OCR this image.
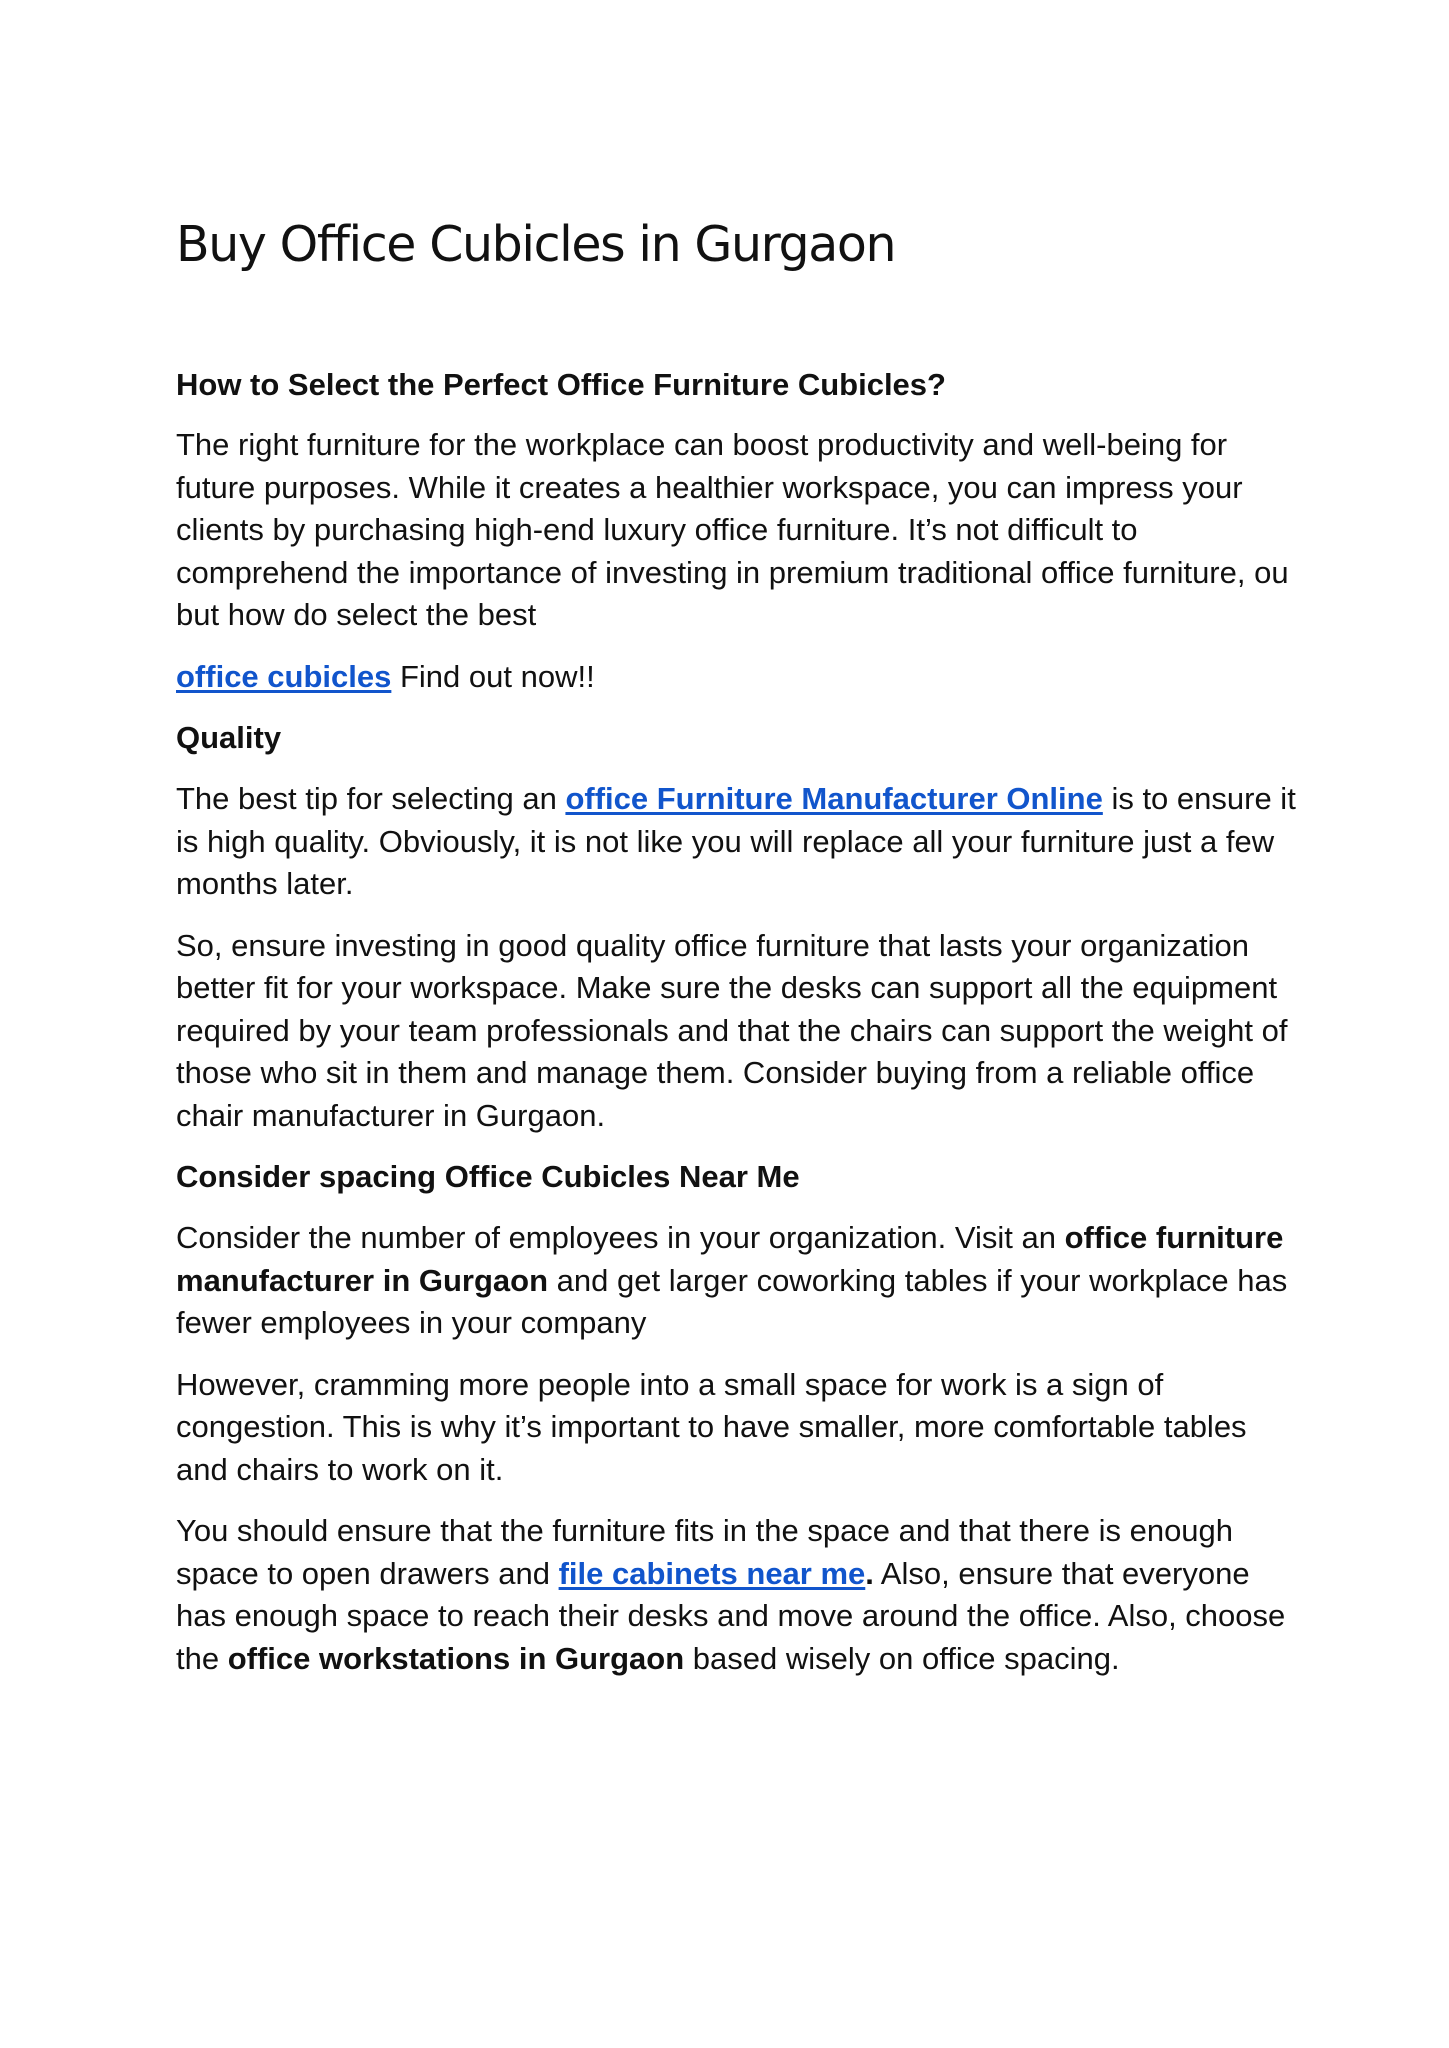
Buy Office Cubicles in Gurgaon
How to Select the Perfect Office Furniture Cubicles?

The right furniture for the workplace can boost productivity and well-being for future purposes. While it creates a healthier workspace, you can impress your clients by purchasing high-end luxury office furniture. It’s not difficult to comprehend the importance of investing in premium traditional office furniture, ou but how do select the best

office cubicles Find out now!!

Quality

The best tip for selecting an office Furniture Manufacturer Online is to ensure it is high quality. Obviously, it is not like you will replace all your furniture just a few months later.

So, ensure investing in good quality office furniture that lasts your organization better fit for your workspace. Make sure the desks can support all the equipment required by your team professionals and that the chairs can support the weight of those who sit in them and manage them. Consider buying from a reliable office chair manufacturer in Gurgaon.

Consider spacing Office Cubicles Near Me

Consider the number of employees in your organization. Visit an office furniture manufacturer in Gurgaon and get larger coworking tables if your workplace has fewer employees in your company

However, cramming more people into a small space for work is a sign of congestion. This is why it’s important to have smaller, more comfortable tables and chairs to work on it.

You should ensure that the furniture fits in the space and that there is enough space to open drawers and file cabinets near me. Also, ensure that everyone has enough space to reach their desks and move around the office. Also, choose the office workstations in Gurgaon based wisely on office spacing.
